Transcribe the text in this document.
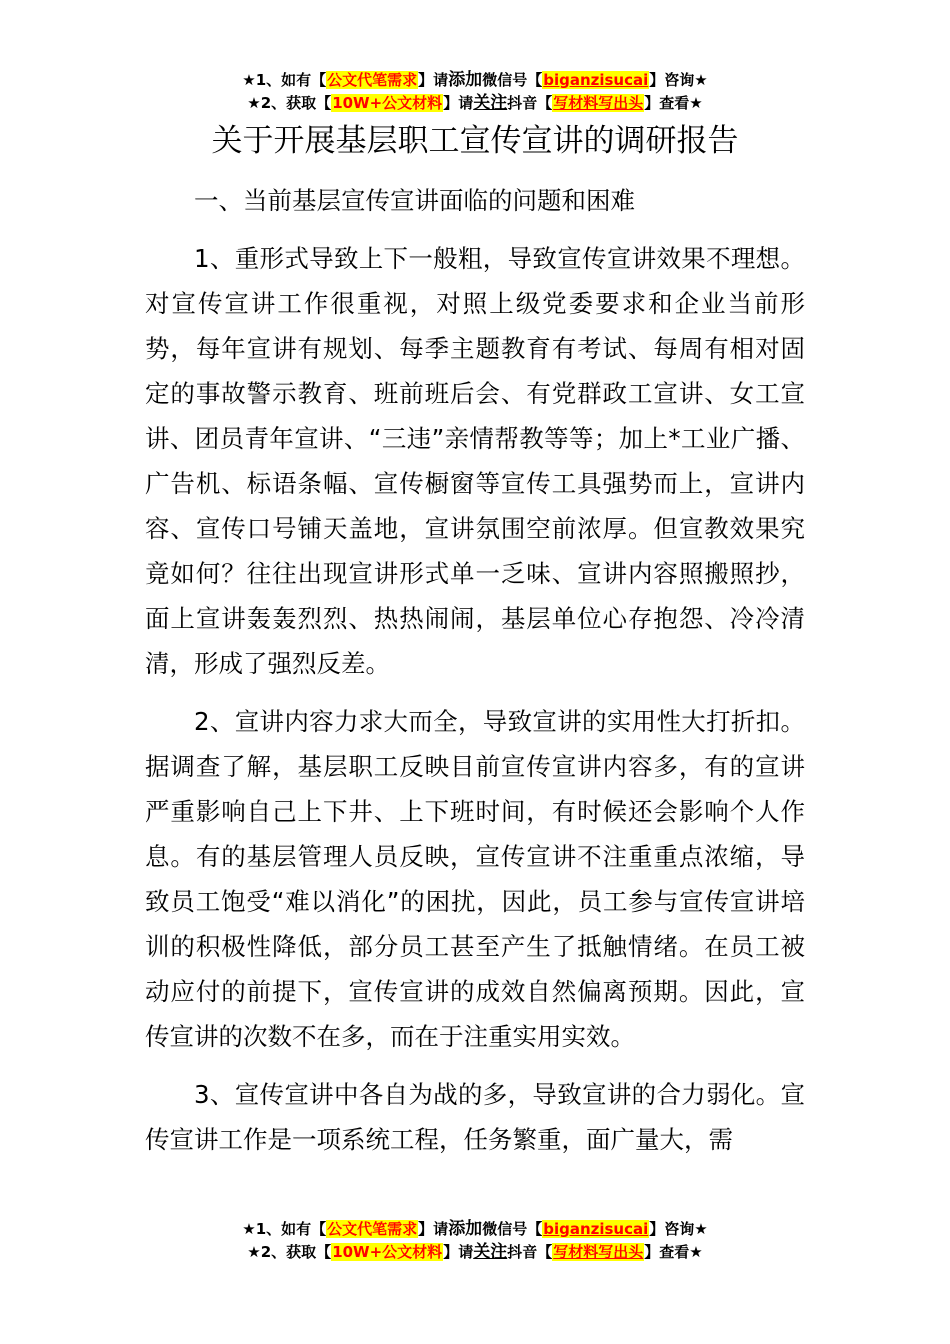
★1、如有【公文代笔需求】请添加微信号【biganzisucai】咨询★
★2、获取【10W+公文材料】请关注抖音【写材料写出头】查看★
关于开展基层职工宣传宣讲的调研报告

一、当前基层宣传宣讲面临的问题和困难

1、重形式导致上下一般粗，导致宣传宣讲效果不理想。对宣传宣讲工作很重视，对照上级党委要求和企业当前形势，每年宣讲有规划、每季主题教育有考试、每周有相对固定的事故警示教育、班前班后会、有党群政工宣讲、女工宣讲、团员青年宣讲、“三违”亲情帮教等等；加上*工业广播、广告机、标语条幅、宣传橱窗等宣传工具强势而上，宣讲内容、宣传口号铺天盖地，宣讲氛围空前浓厚。但宣教效果究竟如何？往往出现宣讲形式单一乏味、宣讲内容照搬照抄，面上宣讲轰轰烈烈、热热闹闹，基层单位心存抱怨、冷冷清清，形成了强烈反差。

2、宣讲内容力求大而全，导致宣讲的实用性大打折扣。据调查了解，基层职工反映目前宣传宣讲内容多，有的宣讲严重影响自己上下井、上下班时间，有时候还会影响个人作息。有的基层管理人员反映，宣传宣讲不注重重点浓缩，导致员工饱受“难以消化”的困扰，因此，员工参与宣传宣讲培训的积极性降低，部分员工甚至产生了抵触情绪。在员工被动应付的前提下，宣传宣讲的成效自然偏离预期。因此，宣传宣讲的次数不在多，而在于注重实用实效。

3、宣传宣讲中各自为战的多，导致宣讲的合力弱化。宣传宣讲工作是一项系统工程，任务繁重，面广量大，需

★1、如有【公文代笔需求】请添加微信号【biganzisucai】咨询★
★2、获取【10W+公文材料】请关注抖音【写材料写出头】查看★
